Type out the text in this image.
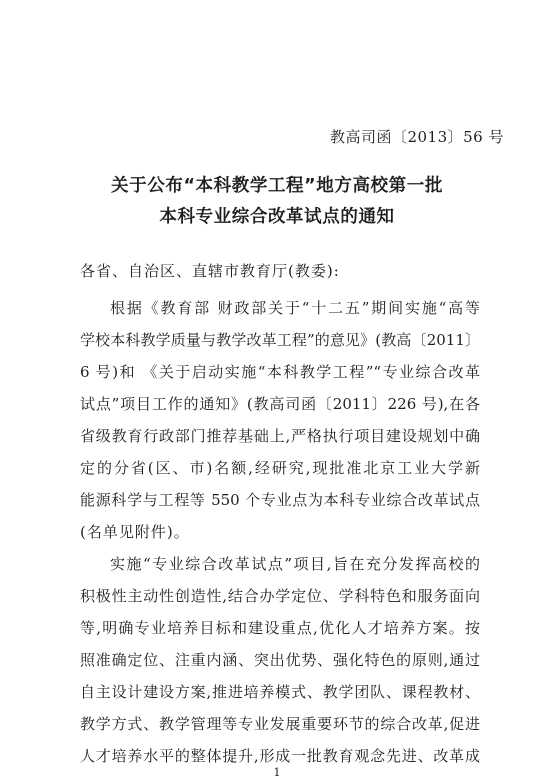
教高司函〔2013〕56 号
关于公布“本科教学工程”地方高校第一批
本科专业综合改革试点的通知
各省、自治区、直辖市教育厅(教委):
根据《教育部 财政部关于“十二五”期间实施“高等
学校本科教学质量与教学改革工程”的意见》(教高〔2011〕
6 号)和 《关于启动实施“本科教学工程”“专业综合改革
试点”项目工作的通知》(教高司函〔2011〕226 号),在各
省级教育行政部门推荐基础上,严格执行项目建设规划中确
定的分省(区、市)名额,经研究,现批准北京工业大学新
能源科学与工程等 550 个专业点为本科专业综合改革试点
(名单见附件)。
实施“专业综合改革试点”项目,旨在充分发挥高校的
积极性主动性创造性,结合办学定位、学科特色和服务面向
等,明确专业培养目标和建设重点,优化人才培养方案。按
照准确定位、注重内涵、突出优势、强化特色的原则,通过
自主设计建设方案,推进培养模式、教学团队、课程教材、
教学方式、教学管理等专业发展重要环节的综合改革,促进
人才培养水平的整体提升,形成一批教育观念先进、改革成
1
